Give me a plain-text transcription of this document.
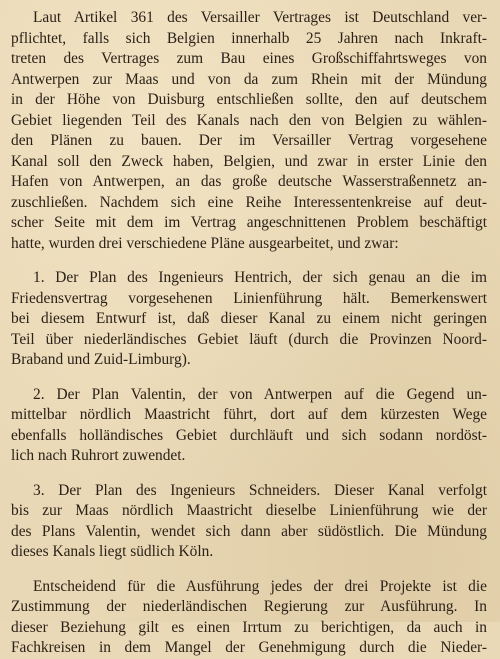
Laut Artikel 361 des Versailler Vertrages ist Deutschland ver-
pflichtet, falls sich Belgien innerhalb 25 Jahren nach Inkraft-
treten des Vertrages zum Bau eines Großschiffahrtsweges von
Antwerpen zur Maas und von da zum Rhein mit der Mündung
in der Höhe von Duisburg entschließen sollte, den auf deutschem
Gebiet liegenden Teil des Kanals nach den von Belgien zu wählen-
den Plänen zu bauen. Der im Versailler Vertrag vorgesehene
Kanal soll den Zweck haben, Belgien, und zwar in erster Linie den
Hafen von Antwerpen, an das große deutsche Wasserstraßennetz an-
zuschließen. Nachdem sich eine Reihe Interessentenkreise auf deut-
scher Seite mit dem im Vertrag angeschnittenen Problem beschäftigt
hatte, wurden drei verschiedene Pläne ausgearbeitet, und zwar:

1. Der Plan des Ingenieurs Hentrich, der sich genau an die im
Friedensvertrag vorgesehenen Linienführung hält. Bemerkenswert
bei diesem Entwurf ist, daß dieser Kanal zu einem nicht geringen
Teil über niederländisches Gebiet läuft (durch die Provinzen Noord-
Braband und Zuid-Limburg).

2. Der Plan Valentin, der von Antwerpen auf die Gegend un-
mittelbar nördlich Maastricht führt, dort auf dem kürzesten Wege
ebenfalls holländisches Gebiet durchläuft und sich sodann nordöst-
lich nach Ruhrort zuwendet.

3. Der Plan des Ingenieurs Schneiders. Dieser Kanal verfolgt
bis zur Maas nördlich Maastricht dieselbe Linienführung wie der
des Plans Valentin, wendet sich dann aber südöstlich. Die Mündung
dieses Kanals liegt südlich Köln.

Entscheidend für die Ausführung jedes der drei Projekte ist die
Zustimmung der niederländischen Regierung zur Ausführung. In
dieser Beziehung gilt es einen Irrtum zu berichtigen, da auch in
Fachkreisen in dem Mangel der Genehmigung durch die Nieder-
